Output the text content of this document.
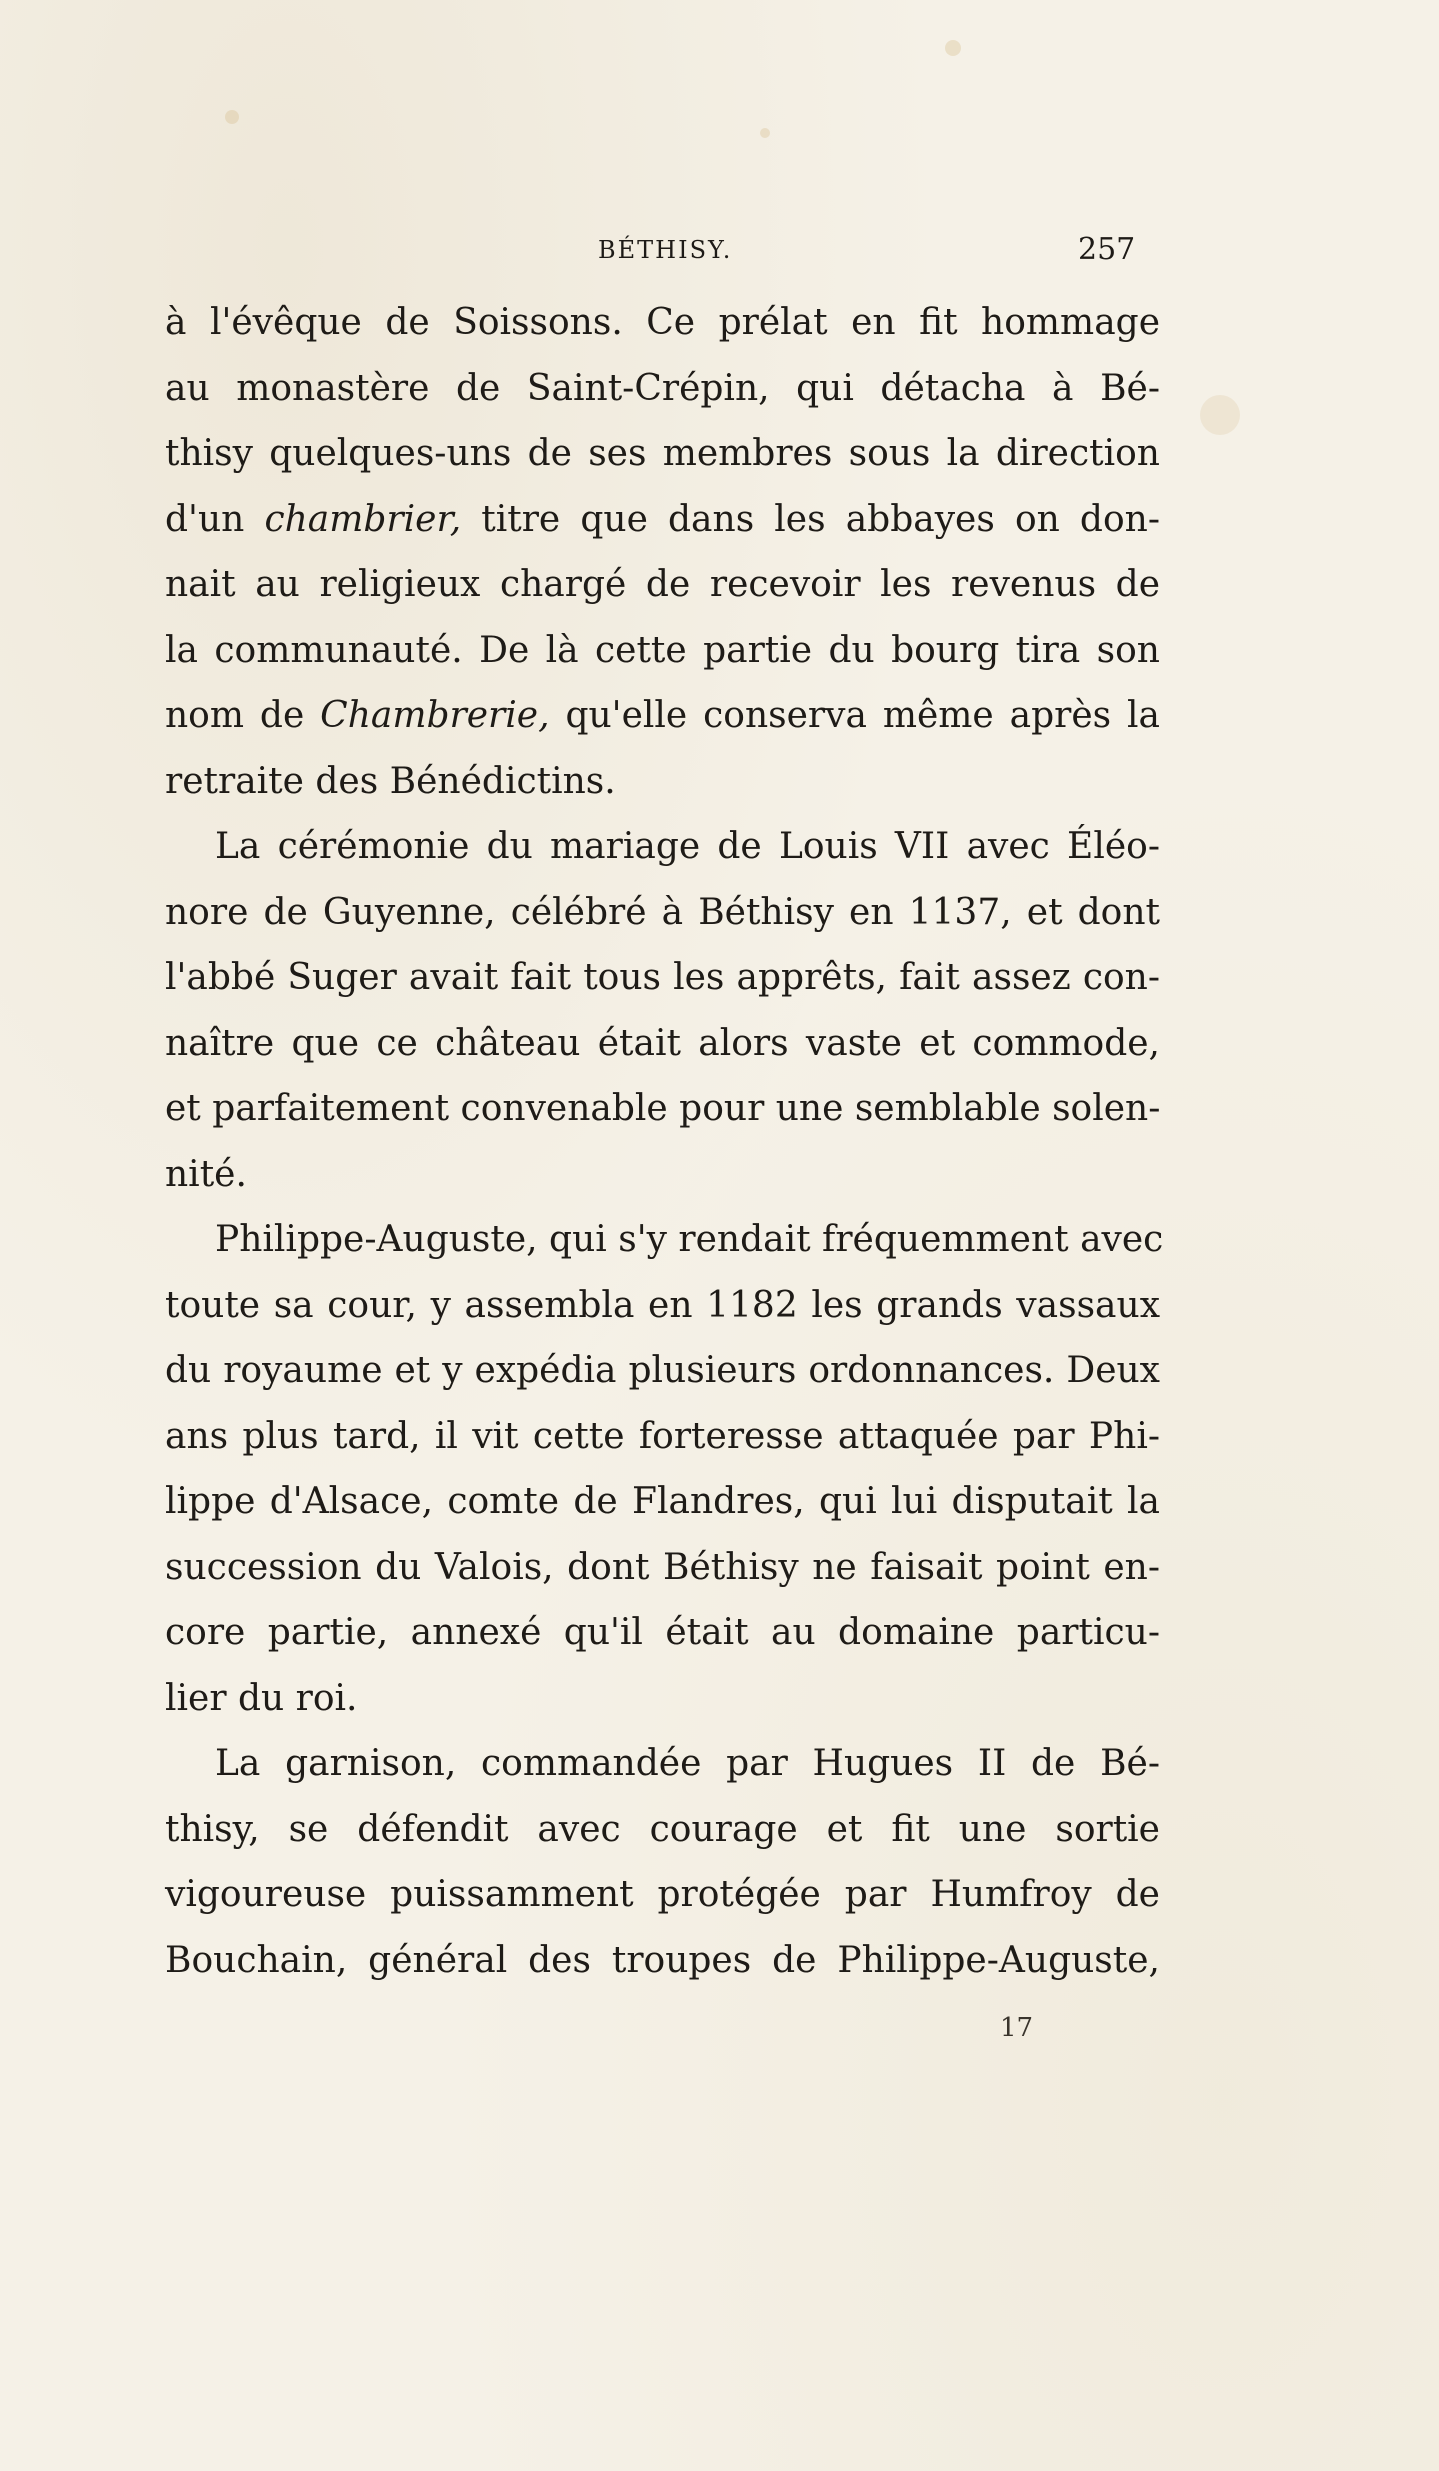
BÉTHISY.	257
à l'évêque de Soissons. Ce prélat en fit hommage
au monastère de Saint-Crépin, qui détacha à Bé-
thisy quelques-uns de ses membres sous la direction
d'un chambrier, titre que dans les abbayes on don-
nait au religieux chargé de recevoir les revenus de
la communauté. De là cette partie du bourg tira son
nom de Chambrerie, qu'elle conserva même après la
retraite des Bénédictins.
La cérémonie du mariage de Louis VII avec Éléo-
nore de Guyenne, célébré à Béthisy en 1137, et dont
l'abbé Suger avait fait tous les apprêts, fait assez con-
naître que ce château était alors vaste et commode,
et parfaitement convenable pour une semblable solen-
nité.
Philippe-Auguste, qui s'y rendait fréquemment avec
toute sa cour, y assembla en 1182 les grands vassaux
du royaume et y expédia plusieurs ordonnances. Deux
ans plus tard, il vit cette forteresse attaquée par Phi-
lippe d'Alsace, comte de Flandres, qui lui disputait la
succession du Valois, dont Béthisy ne faisait point en-
core partie, annexé qu'il était au domaine particu-
lier du roi.
La garnison, commandée par Hugues II de Bé-
thisy, se défendit avec courage et fit une sortie
vigoureuse puissamment protégée par Humfroy de
Bouchain, général des troupes de Philippe-Auguste,
17
